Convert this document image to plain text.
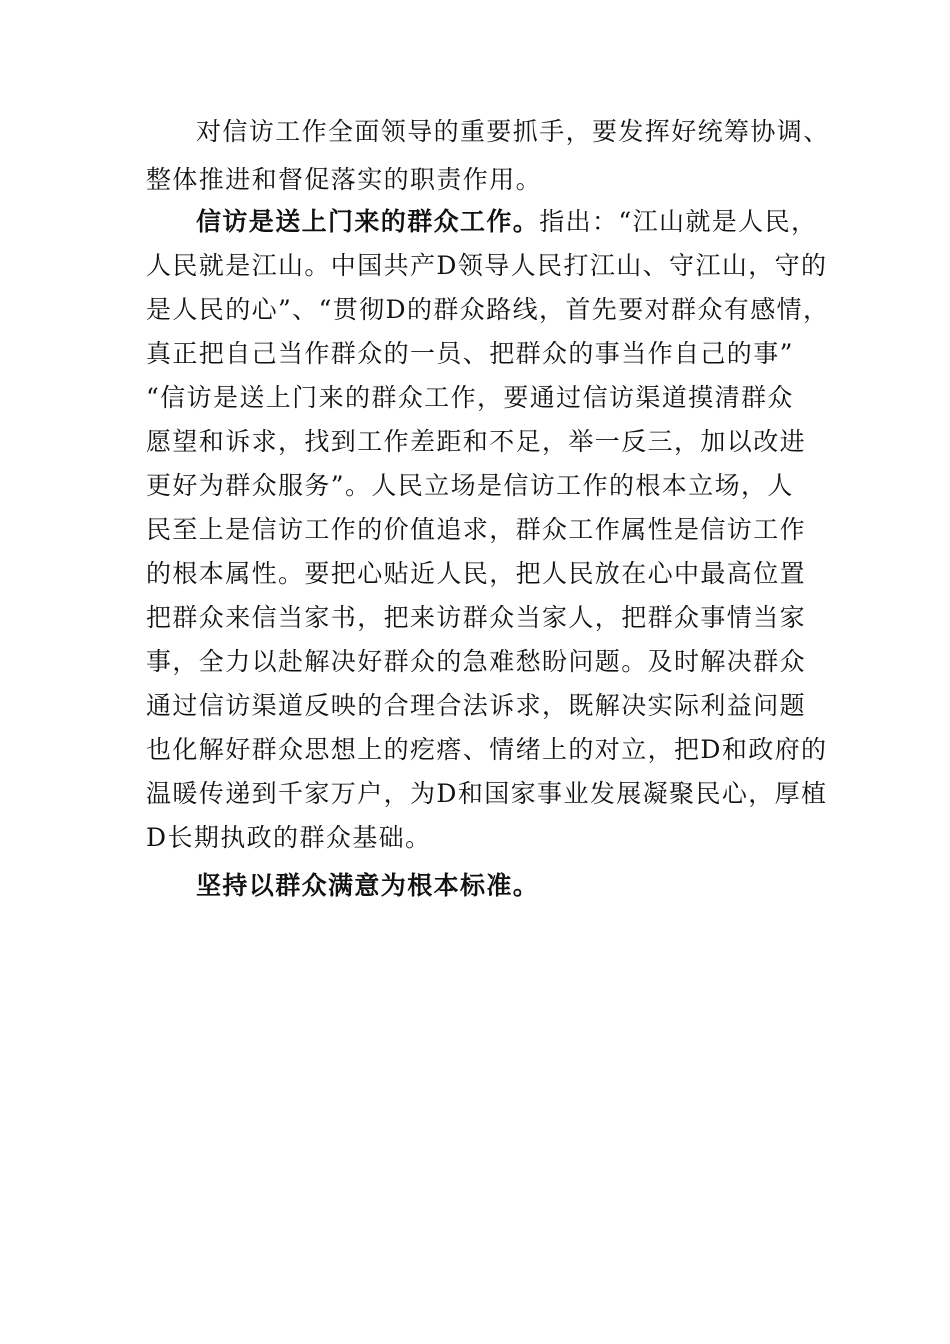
对信访工作全面领导的重要抓手，要发挥好统筹协调、
整体推进和督促落实的职责作用。
信访是送上门来的群众工作。指出：“江山就是人民，
人民就是江山。中国共产D领导人民打江山、守江山，守的
是人民的心”、“贯彻D的群众路线，首先要对群众有感情，
真正把自己当作群众的一员、把群众的事当作自己的事”
“信访是送上门来的群众工作，要通过信访渠道摸清群众
愿望和诉求，找到工作差距和不足，举一反三，加以改进
更好为群众服务”。人民立场是信访工作的根本立场，人
民至上是信访工作的价值追求，群众工作属性是信访工作
的根本属性。要把心贴近人民，把人民放在心中最高位置
把群众来信当家书，把来访群众当家人，把群众事情当家
事，全力以赴解决好群众的急难愁盼问题。及时解决群众
通过信访渠道反映的合理合法诉求，既解决实际利益问题
也化解好群众思想上的疙瘩、情绪上的对立，把D和政府的
温暖传递到千家万户，为D和国家事业发展凝聚民心，厚植
D长期执政的群众基础。
坚持以群众满意为根本标准。
